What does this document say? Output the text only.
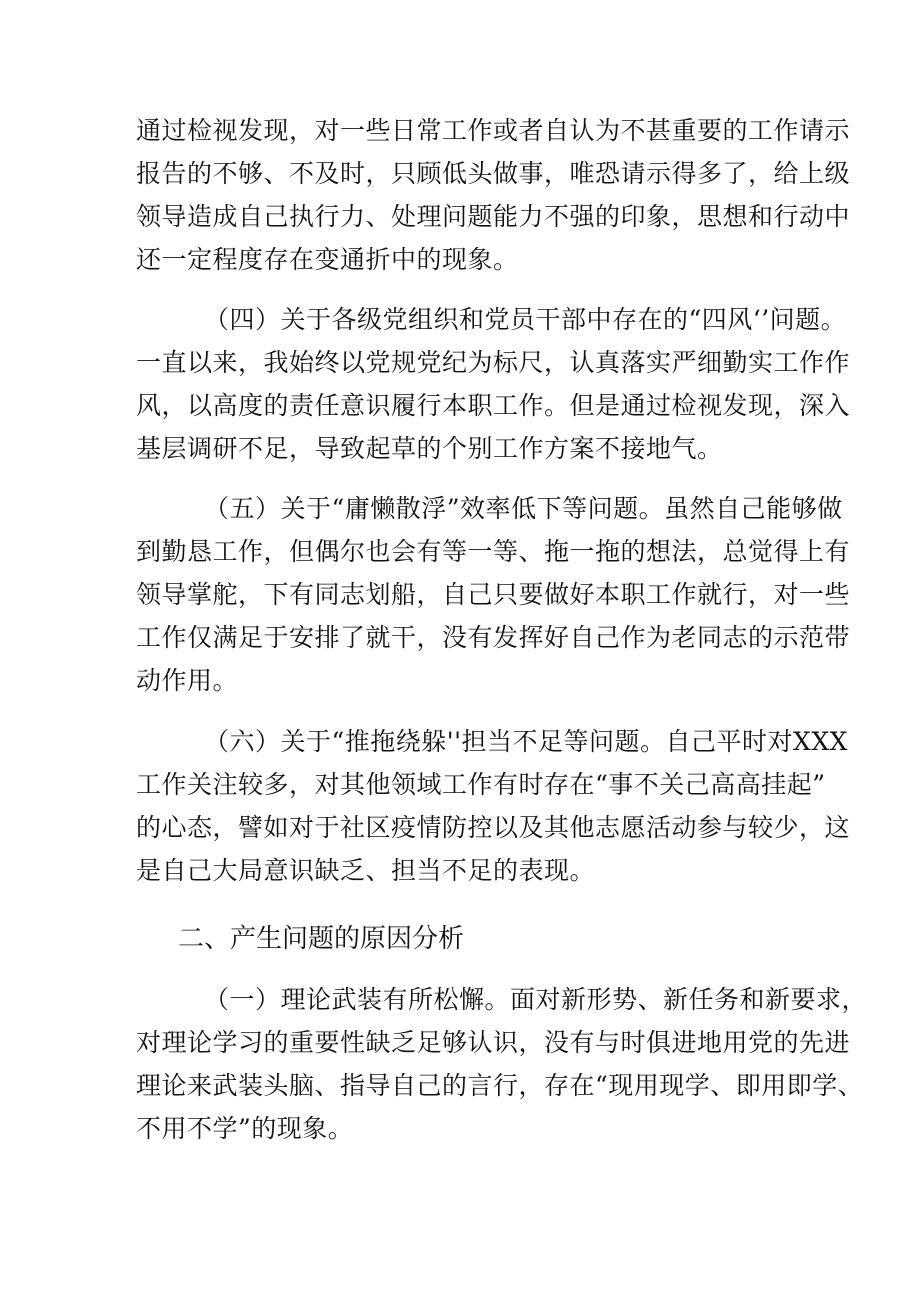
通过检视发现，对一些日常工作或者自认为不甚重要的工作请示
报告的不够、不及时，只顾低头做事，唯恐请示得多了，给上级
领导造成自己执行力、处理问题能力不强的印象，思想和行动中
还一定程度存在变通折中的现象。
（四）关于各级党组织和党员干部中存在的“四风‘’问题。
一直以来，我始终以党规党纪为标尺，认真落实严细勤实工作作
风，以高度的责任意识履行本职工作。但是通过检视发现，深入
基层调研不足，导致起草的个别工作方案不接地气。
（五）关于“庸懒散浮”效率低下等问题。虽然自己能够做
到勤恳工作，但偶尔也会有等一等、拖一拖的想法，总觉得上有
领导掌舵，下有同志划船，自己只要做好本职工作就行，对一些
工作仅满足于安排了就干，没有发挥好自己作为老同志的示范带
动作用。
（六）关于“推拖绕躲''担当不足等问题。自己平时对XXX
工作关注较多，对其他领域工作有时存在“事不关己高高挂起”
的心态，譬如对于社区疫情防控以及其他志愿活动参与较少，这
是自己大局意识缺乏、担当不足的表现。
二、产生问题的原因分析
（一）理论武装有所松懈。面对新形势、新任务和新要求，
对理论学习的重要性缺乏足够认识，没有与时俱进地用党的先进
理论来武装头脑、指导自己的言行，存在“现用现学、即用即学、
不用不学”的现象。
